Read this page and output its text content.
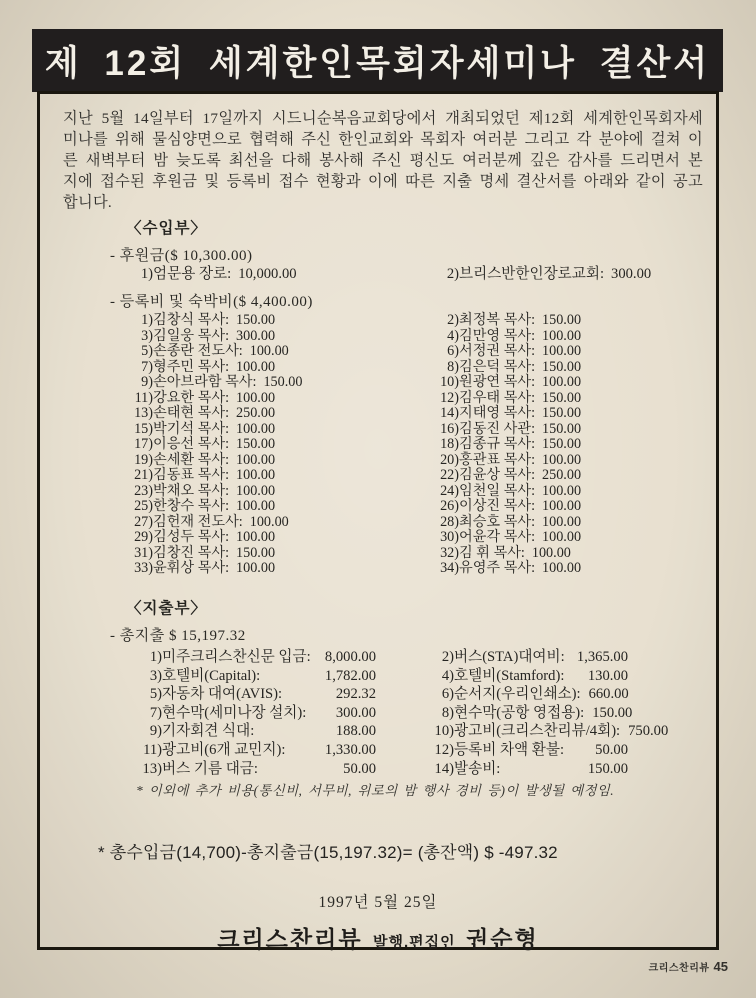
제 12회 세계한인목회자세미나 결산서

지난 5월 14일부터 17일까지 시드니순복음교회당에서 개최되었던 제12회 세계한인목회자세미나를 위해 물심양면으로 협력해 주신 한인교회와 목회자 여러분 그리고 각 분야에 걸쳐 이른 새벽부터 밤 늦도록 최선을 다해 봉사해 주신 평신도 여러분께 깊은 감사를 드리면서 본지에 접수된 후원금 및 등록비 접수 현황과 이에 따른 지출 명세 결산서를 아래와 같이 공고합니다.

〈수입부〉
- 후원금($ 10,300.00)
1)엄문용 장로: 10,000.00	2)브리스반한인장로교회: 300.00
- 등록비 및 숙박비($ 4,400.00)
1)김창식 목사: 150.00	2)최정복 목사: 150.00
3)김일웅 목사: 300.00	4)김만영 목사: 100.00
5)손종란 전도사: 100.00	6)서정권 목사: 100.00
7)형주민 목사: 100.00	8)김은덕 목사: 150.00
9)손아브라함 목사: 150.00	10)원광연 목사: 100.00
11)강요한 목사: 100.00	12)김우태 목사: 150.00
13)손태현 목사: 250.00	14)지태영 목사: 150.00
15)박기석 목사: 100.00	16)김동진 사관: 150.00
17)이응선 목사: 150.00	18)김종규 목사: 150.00
19)손세환 목사: 100.00	20)홍관표 목사: 100.00
21)김동표 목사: 100.00	22)김윤상 목사: 250.00
23)박채오 목사: 100.00	24)임천일 목사: 100.00
25)한창수 목사: 100.00	26)이상진 목사: 100.00
27)김헌재 전도사: 100.00	28)최승호 목사: 100.00
29)김성두 목사: 100.00	30)어윤각 목사: 100.00
31)김창진 목사: 150.00	32)김 휘 목사: 100.00
33)윤휘상 목사: 100.00	34)유영주 목사: 100.00
〈지출부〉
- 총지출 $ 15,197.32
1) 미주크리스찬신문 입금: 8,000.00	2) 버스(STA)대여비: 1,365.00
3) 호텔비(Capital):	1,782.00	4) 호텔비(Stamford):	130.00
5) 자동차 대여(AVIS):	292.32	6) 순서지(우리인쇄소): 660.00
7) 현수막(세미나장 설치):	300.00	8) 현수막(공항 영접용): 150.00
9) 기자회견 식대:	188.00	10) 광고비(크리스찬리뷰/4회): 750.00
11) 광고비(6개 교민지):	1,330.00	12) 등록비 차액 환불:	50.00
13) 버스 기름 대금:	50.00	14) 발송비:	150.00
* 이외에 추가 비용(통신비, 서무비, 위로의 밤 행사 경비 등)이 발생될 예정임.
* 총수입금(14,700)-총지출금(15,197.32)= (총잔액) $ -497.32
1997년 5월 25일
크리스찬리뷰 발행.편집인 권순형
크리스찬리뷰 45
